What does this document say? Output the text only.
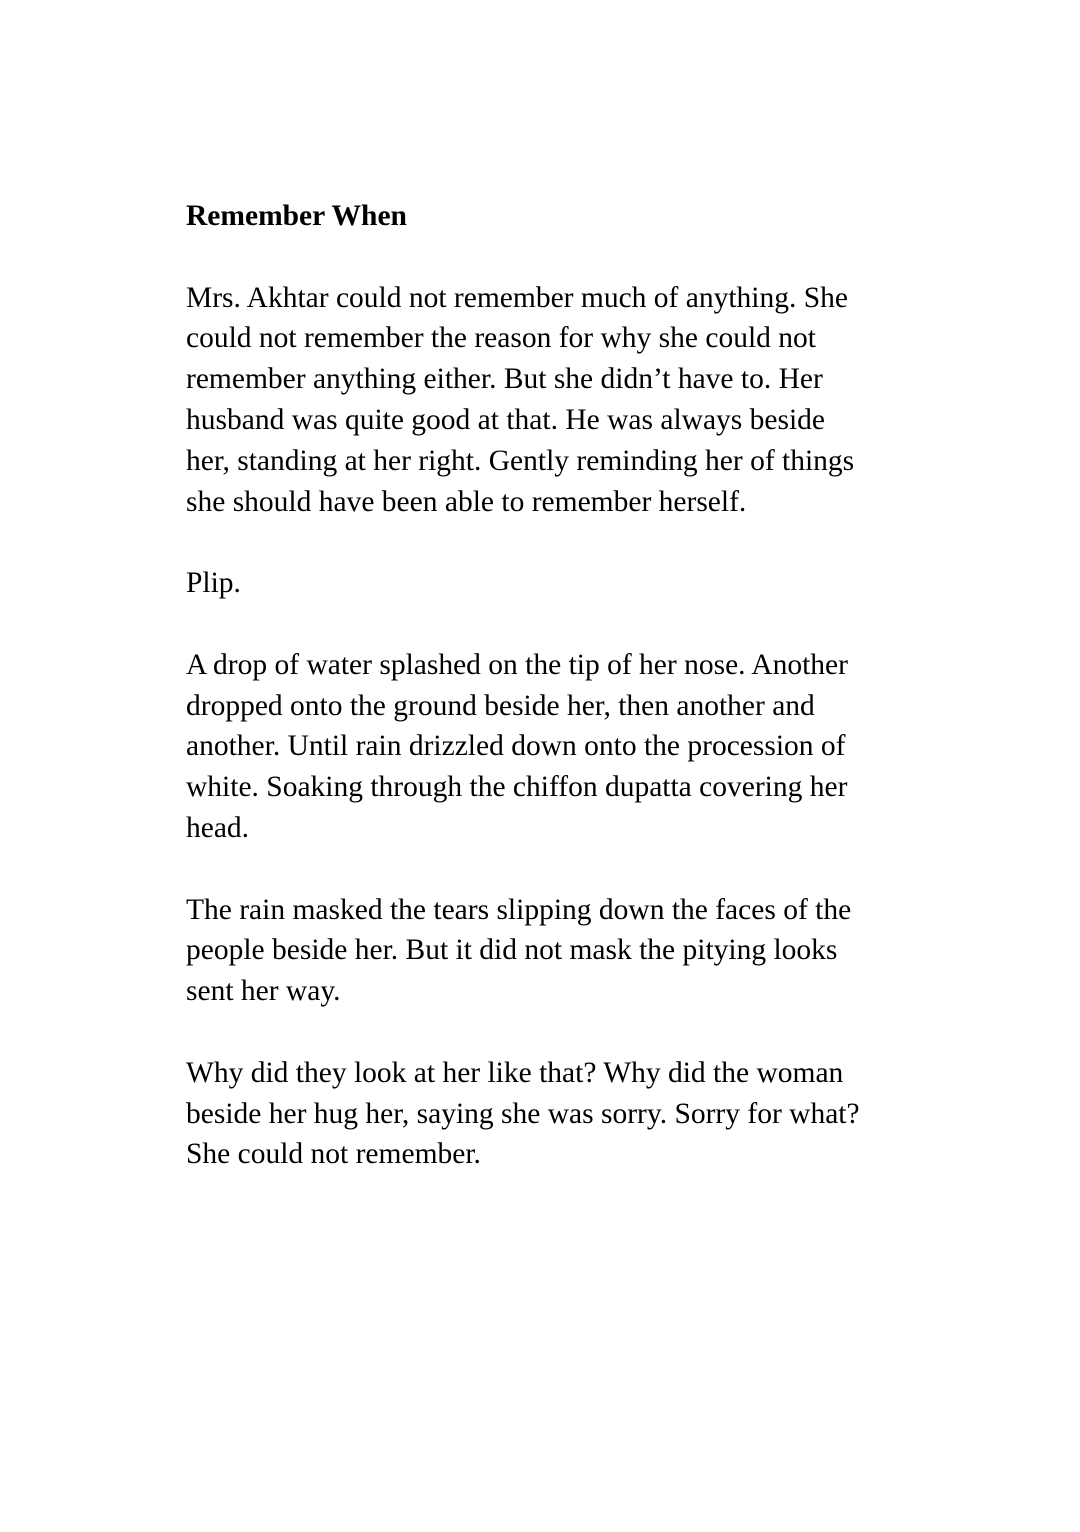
Remember When

Mrs. Akhtar could not remember much of anything. She
could not remember the reason for why she could not
remember anything either. But she didn’t have to. Her
husband was quite good at that. He was always beside
her, standing at her right. Gently reminding her of things
she should have been able to remember herself.

Plip.

A drop of water splashed on the tip of her nose. Another
dropped onto the ground beside her, then another and
another. Until rain drizzled down onto the procession of
white. Soaking through the chiffon dupatta covering her
head.

The rain masked the tears slipping down the faces of the
people beside her. But it did not mask the pitying looks
sent her way.

Why did they look at her like that? Why did the woman
beside her hug her, saying she was sorry. Sorry for what?
She could not remember.
